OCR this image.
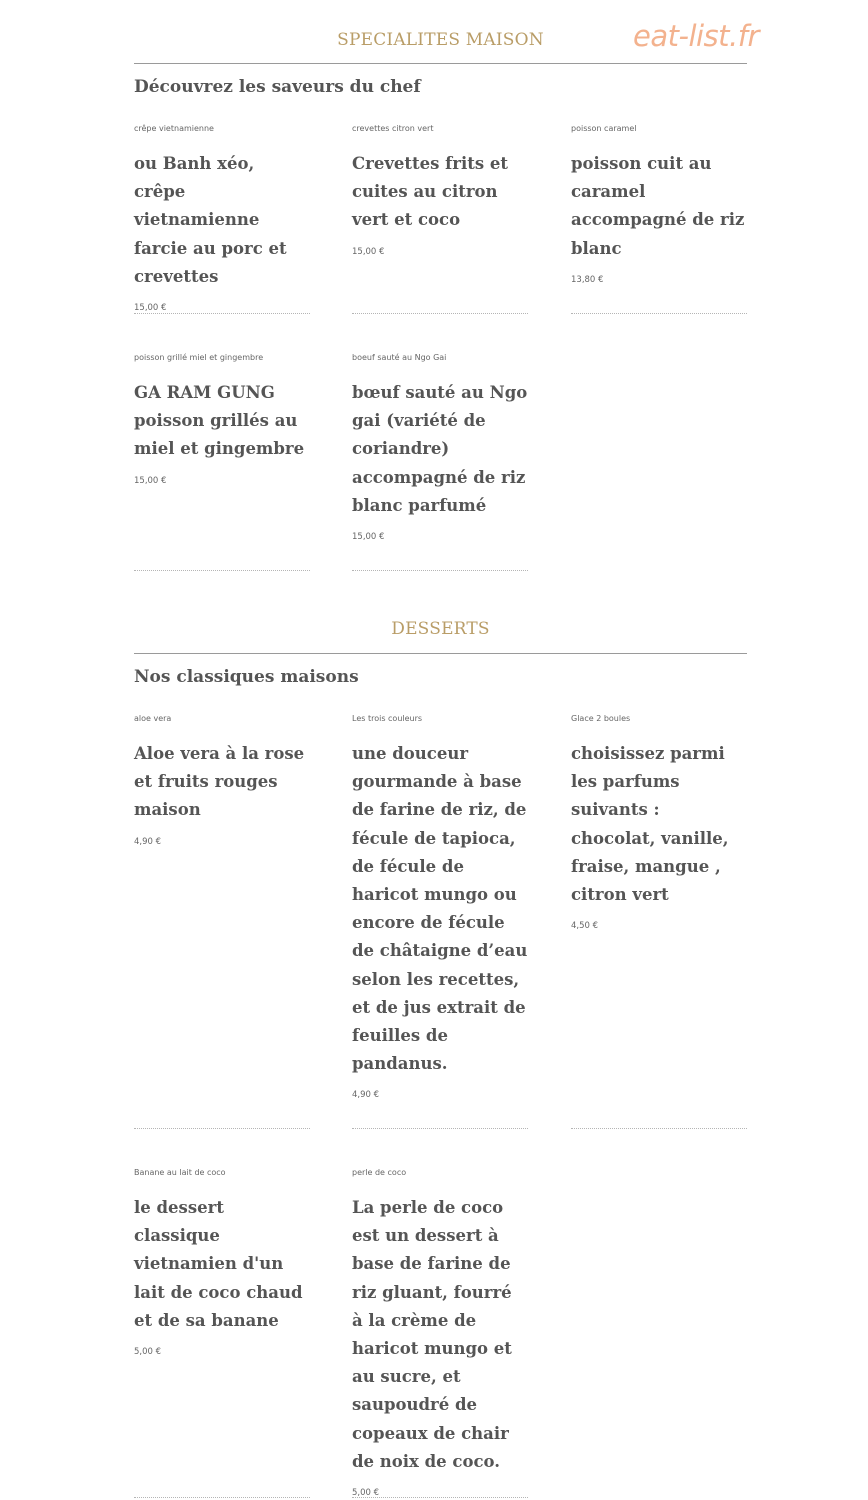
eat-list.fr
SPECIALITES MAISON
Découvrez les saveurs du chef
crêpe vietnamienne
ou Banh xéo, crêpe vietnamienne farcie au porc et crevettes
15,00 €
crevettes citron vert
Crevettes frits et cuites au citron vert et coco
15,00 €
poisson caramel
poisson cuit au caramel accompagné de riz blanc
13,80 €
poisson grillé miel et gingembre
GA RAM GUNG poisson grillés au miel et gingembre
15,00 €
boeuf sauté au Ngo Gai
bœuf sauté au Ngo gai (variété de coriandre) accompagné de riz blanc parfumé
15,00 €
DESSERTS
Nos classiques maisons
aloe vera
Aloe vera à la rose et fruits rouges maison
4,90 €
Les trois couleurs
une douceur gourmande à base de farine de riz, de fécule de tapioca, de fécule de haricot mungo ou encore de fécule de châtaigne d’eau selon les recettes, et de jus extrait de feuilles de pandanus.
4,90 €
Glace 2 boules
choisissez parmi les parfums suivants : chocolat, vanille, fraise, mangue , citron vert
4,50 €
Banane au lait de coco
le dessert classique vietnamien d'un lait de coco chaud et de sa banane
5,00 €
perle de coco
La perle de coco est un dessert à base de farine de riz gluant, fourré à la crème de haricot mungo et au sucre, et saupoudré de copeaux de chair de noix de coco.
5,00 €
